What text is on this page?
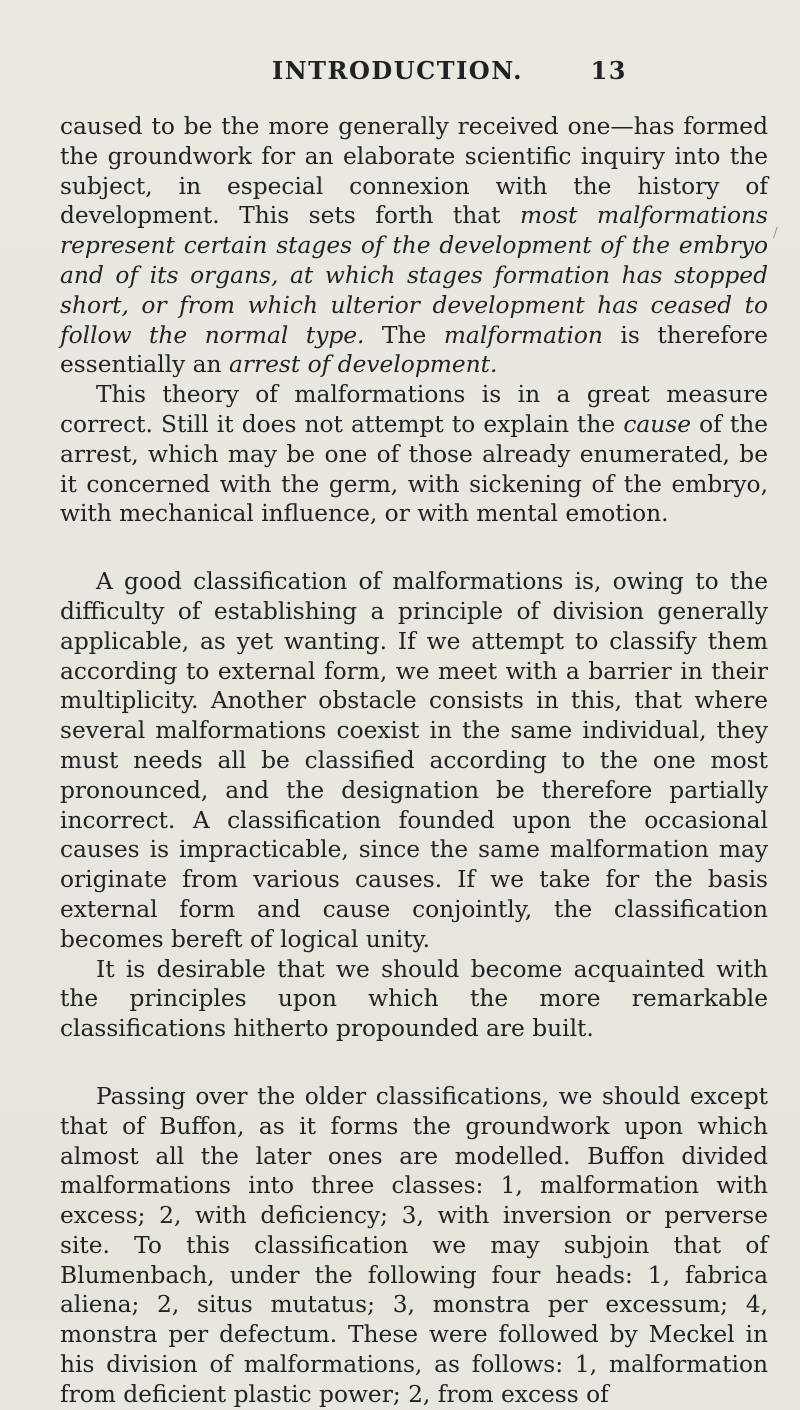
INTRODUCTION.	13
∕

caused to be the more generally received one—has formed the groundwork for an elaborate scientific inquiry into the subject, in especial connexion with the history of development. This sets forth that most malformations represent certain stages of the development of the embryo and of its organs, at which stages formation has stopped short, or from which ulterior development has ceased to follow the normal type. The malformation is therefore essentially an arrest of development.

This theory of malformations is in a great measure correct. Still it does not attempt to explain the cause of the arrest, which may be one of those already enumerated, be it concerned with the germ, with sickening of the embryo, with mechanical influence, or with mental emotion.

A good classification of malformations is, owing to the difficulty of establishing a principle of division generally applicable, as yet wanting. If we attempt to classify them according to external form, we meet with a barrier in their multiplicity. Another obstacle consists in this, that where several malformations coexist in the same individual, they must needs all be classified according to the one most pronounced, and the designation be therefore partially incorrect. A classification founded upon the occasional causes is impracticable, since the same malformation may originate from various causes. If we take for the basis external form and cause conjointly, the classification becomes bereft of logical unity.

It is desirable that we should become acquainted with the principles upon which the more remarkable classifications hitherto propounded are built.

Passing over the older classifications, we should except that of Buffon, as it forms the groundwork upon which almost all the later ones are modelled. Buffon divided malformations into three classes: 1, malformation with excess; 2, with deficiency; 3, with inversion or perverse site. To this classification we may subjoin that of Blumenbach, under the following four heads: 1, fabrica aliena; 2, situs mutatus; 3, monstra per excessum; 4, monstra per defectum. These were followed by Meckel in his division of malformations, as follows: 1, malformation from deficient plastic power; 2, from excess of
